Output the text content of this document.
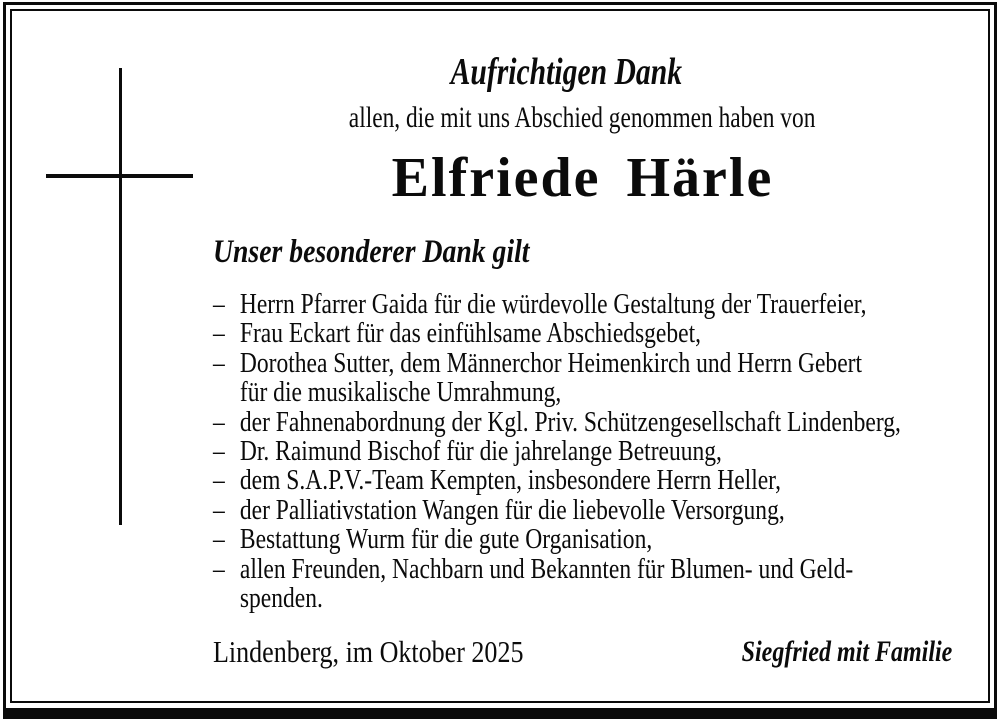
Aufrichtigen Dank
allen, die mit uns Abschied genommen haben von
Elfriede Härle
Unser besonderer Dank gilt
– Herrn Pfarrer Gaida für die würdevolle Gestaltung der Trauerfeier,
– Frau Eckart für das einfühlsame Abschiedsgebet,
– Dorothea Sutter, dem Männerchor Heimenkirch und Herrn Gebert
für die musikalische Umrahmung,
– der Fahnenabordnung der Kgl. Priv. Schützengesellschaft Lindenberg,
– Dr. Raimund Bischof für die jahrelange Betreuung,
– dem S.A.P.V.-Team Kempten, insbesondere Herrn Heller,
– der Palliativstation Wangen für die liebevolle Versorgung,
– Bestattung Wurm für die gute Organisation,
– allen Freunden, Nachbarn und Bekannten für Blumen- und Geld-
spenden.
Lindenberg, im Oktober 2025	Siegfried mit Familie
